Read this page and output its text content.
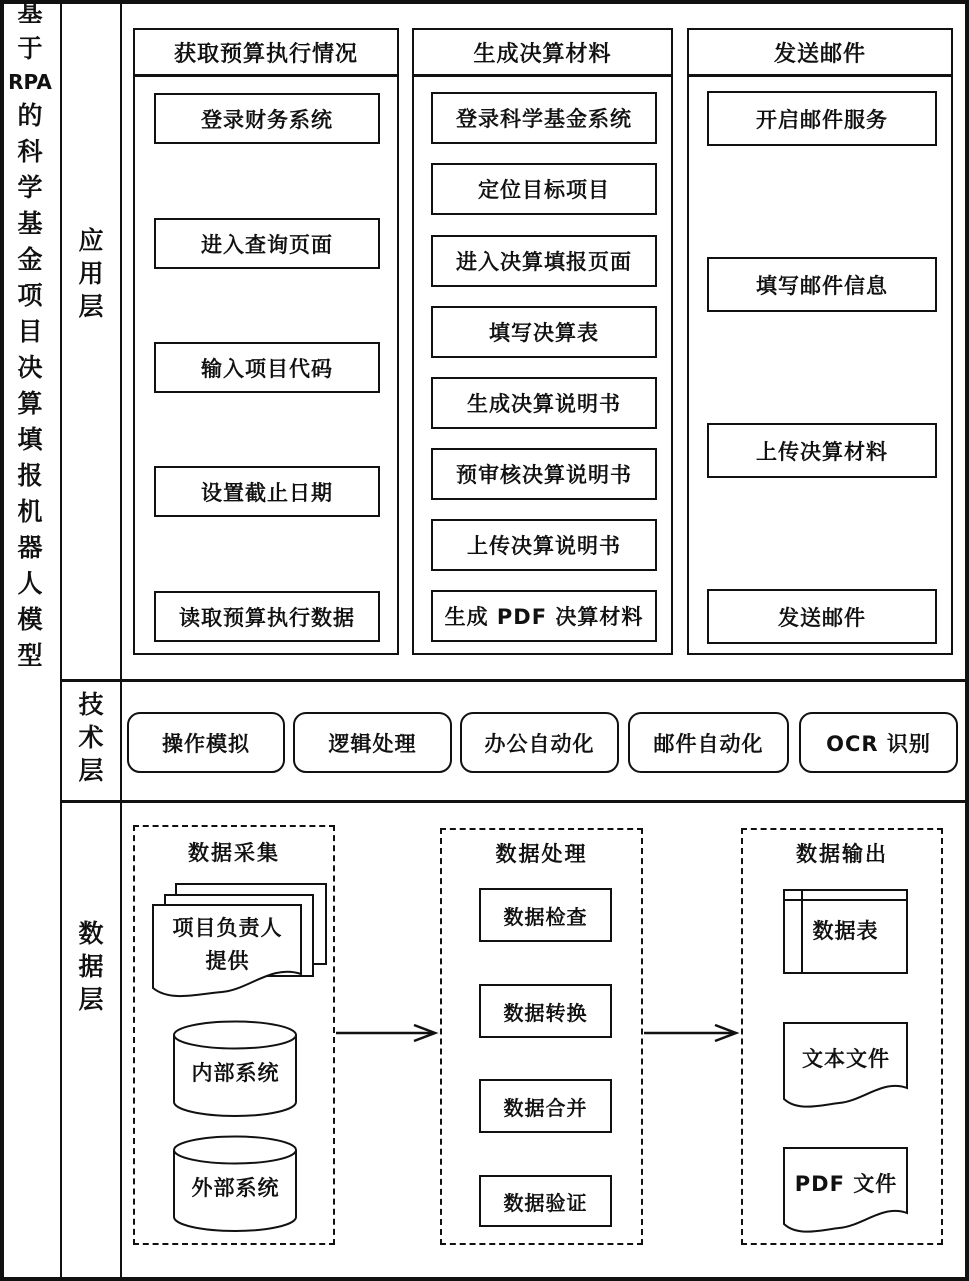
基
于
RPA
的
科
学
基
金
项
目
决
算
填
报
机
器
人
模
型
应
用
层
技
术
层
数
据
层
获取预算执行情况
登录财务系统
进入查询页面
输入项目代码
设置截止日期
读取预算执行数据
生成决算材料
登录科学基金系统
定位目标项目
进入决算填报页面
填写决算表
生成决算说明书
预审核决算说明书
上传决算说明书
生成 PDF 决算材料
发送邮件
开启邮件服务
填写邮件信息
上传决算材料
发送邮件
操作模拟	逻辑处理	办公自动化	邮件自动化	OCR 识别
数据采集
项目负责人
提供
内部系统
外部系统
数据处理
数据检查
数据转换
数据合并
数据验证
数据输出
数据表
文本文件
PDF 文件
